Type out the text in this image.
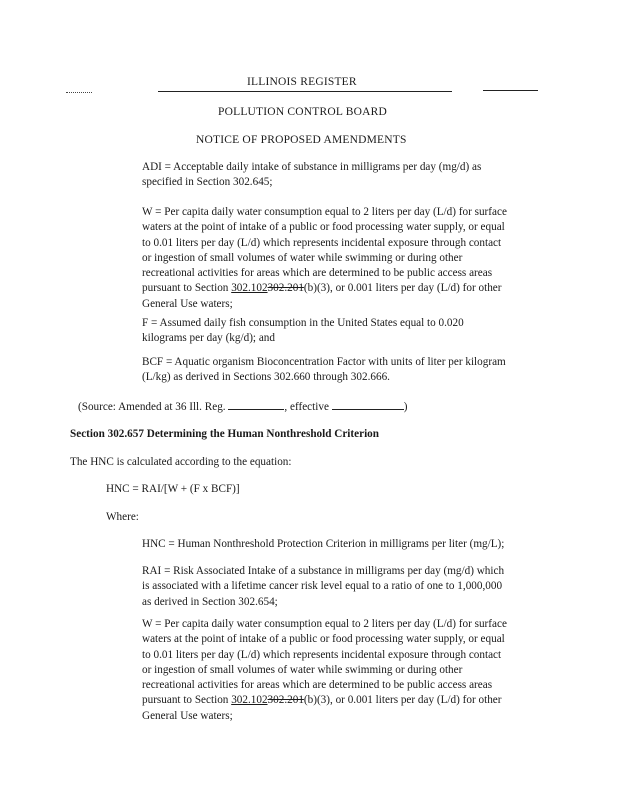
ILLINOIS REGISTER
POLLUTION CONTROL BOARD
NOTICE OF PROPOSED AMENDMENTS
ADI = Acceptable daily intake of substance in milligrams per day (mg/d) as
specified in Section 302.645;
W = Per capita daily water consumption equal to 2 liters per day (L/d) for surface
waters at the point of intake of a public or food processing water supply, or equal
to 0.01 liters per day (L/d) which represents incidental exposure through contact
or ingestion of small volumes of water while swimming or during other
recreational activities for areas which are determined to be public access areas
pursuant to Section 302.102302.201(b)(3), or 0.001 liters per day (L/d) for other
General Use waters;
F = Assumed daily fish consumption in the United States equal to 0.020
kilograms per day (kg/d); and
BCF = Aquatic organism Bioconcentration Factor with units of liter per kilogram
(L/kg) as derived in Sections 302.660 through 302.666.
(Source: Amended at 36 Ill. Reg.	, effective	)
Section 302.657 Determining the Human Nonthreshold Criterion
The HNC is calculated according to the equation:
HNC = RAI/[W + (F x BCF)]
Where:
HNC = Human Nonthreshold Protection Criterion in milligrams per liter (mg/L);
RAI = Risk Associated Intake of a substance in milligrams per day (mg/d) which
is associated with a lifetime cancer risk level equal to a ratio of one to 1,000,000
as derived in Section 302.654;
W = Per capita daily water consumption equal to 2 liters per day (L/d) for surface
waters at the point of intake of a public or food processing water supply, or equal
to 0.01 liters per day (L/d) which represents incidental exposure through contact
or ingestion of small volumes of water while swimming or during other
recreational activities for areas which are determined to be public access areas
pursuant to Section 302.102302.201(b)(3), or 0.001 liters per day (L/d) for other
General Use waters;
